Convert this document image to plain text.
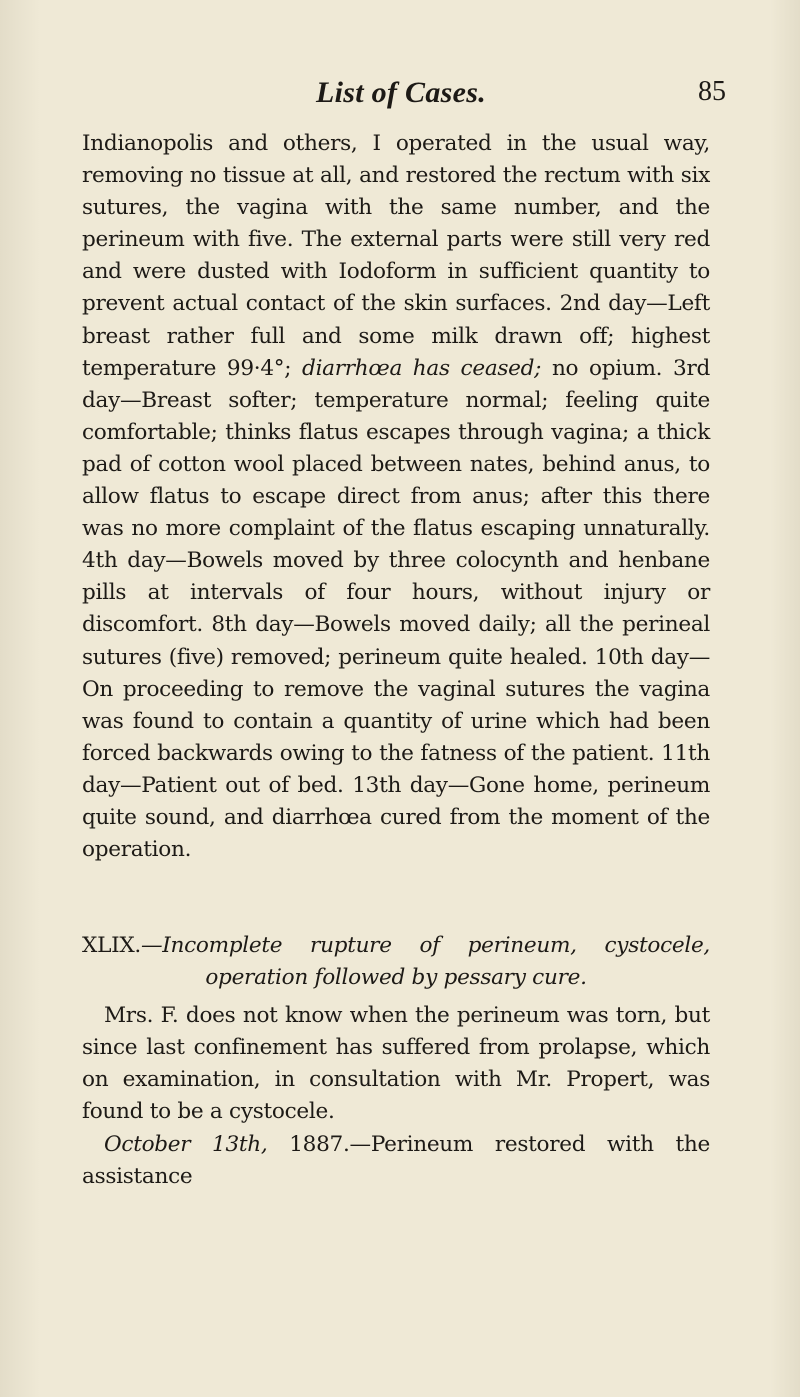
List of Cases.	85

Indianopolis and others, I operated in the usual way, removing no tissue at all, and restored the rectum with six sutures, the vagina with the same number, and the perineum with five. The external parts were still very red and were dusted with Iodoform in sufficient quantity to prevent actual contact of the skin surfaces. 2nd day—Left breast rather full and some milk drawn off; highest temperature 99·4°; diarrhœa has ceased; no opium. 3rd day—Breast softer; temperature normal; feeling quite comfortable; thinks flatus escapes through vagina; a thick pad of cotton wool placed between nates, behind anus, to allow flatus to escape direct from anus; after this there was no more complaint of the flatus escaping unnaturally. 4th day—Bowels moved by three colocynth and henbane pills at intervals of four hours, without injury or discomfort. 8th day—Bowels moved daily; all the perineal sutures (five) removed; perineum quite healed. 10th day—On proceeding to remove the vaginal sutures the vagina was found to contain a quantity of urine which had been forced backwards owing to the fatness of the patient. 11th day—Patient out of bed. 13th day—Gone home, perineum quite sound, and diarrhœa cured from the moment of the operation.

XLIX.—Incomplete rupture of perineum, cystocele, operation followed by pessary cure.

Mrs. F. does not know when the perineum was torn, but since last confinement has suffered from prolapse, which on examination, in consultation with Mr. Propert, was found to be a cystocele.

October 13th, 1887.—Perineum restored with the assistance
